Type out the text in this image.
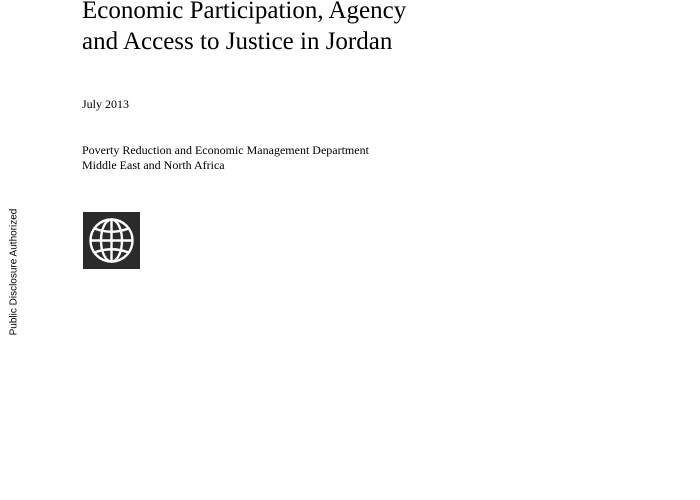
Public Disclosure Authorized
Economic Participation, Agency
and Access to Justice in Jordan
July 2013
Poverty Reduction and Economic Management Department
Middle East and North Africa
